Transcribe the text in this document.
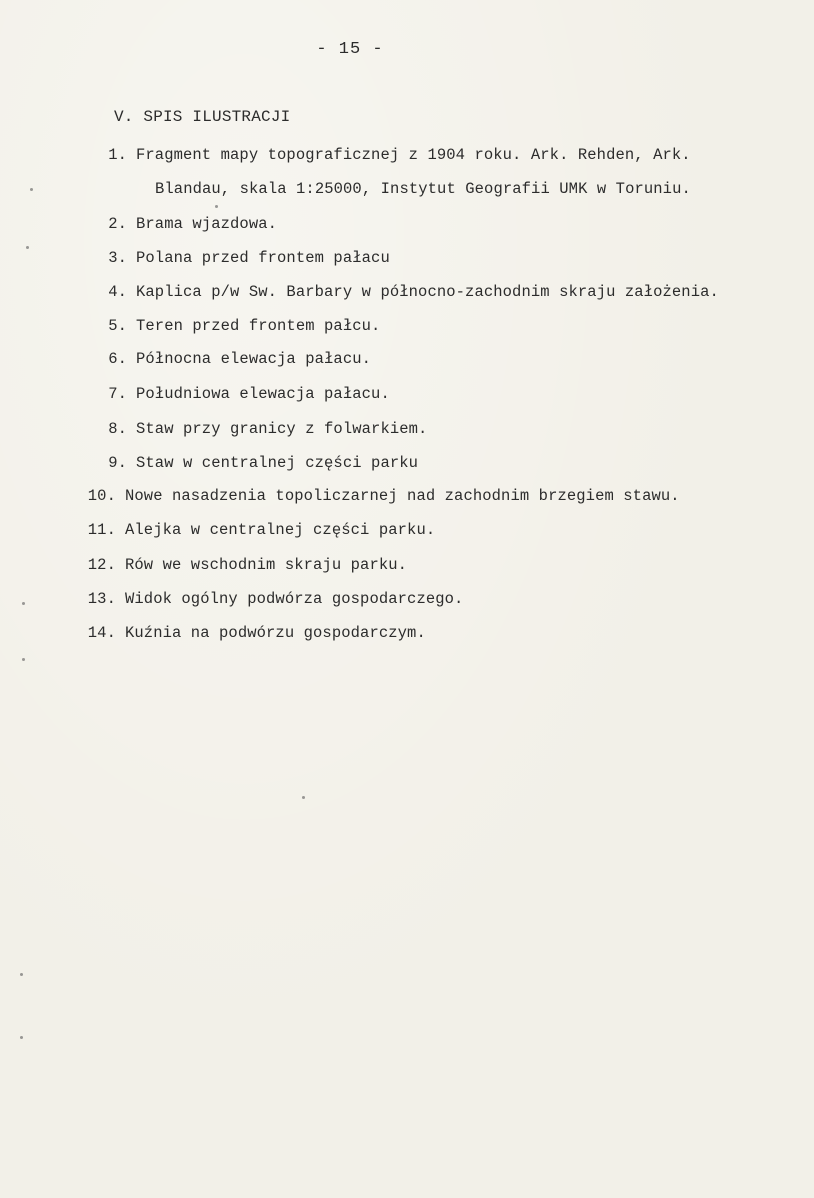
- 15 -
V. SPIS ILUSTRACJI
1. Fragment mapy topograficznej z 1904 roku. Ark. Rehden, Ark.
Blandau, skala 1:25000, Instytut Geografii UMK w Toruniu.
2. Brama wjazdowa.
3. Polana przed frontem pałacu
4. Kaplica p/w Sw. Barbary w północno-zachodnim skraju założenia.
5. Teren przed frontem pałcu.
6. Północna elewacja pałacu.
7. Południowa elewacja pałacu.
8. Staw przy granicy z folwarkiem.
9. Staw w centralnej części parku
10. Nowe nasadzenia topoliczarnej nad zachodnim brzegiem stawu.
11. Alejka w centralnej części parku.
12. Rów we wschodnim skraju parku.
13. Widok ogólny podwórza gospodarczego.
14. Kuźnia na podwórzu gospodarczym.
